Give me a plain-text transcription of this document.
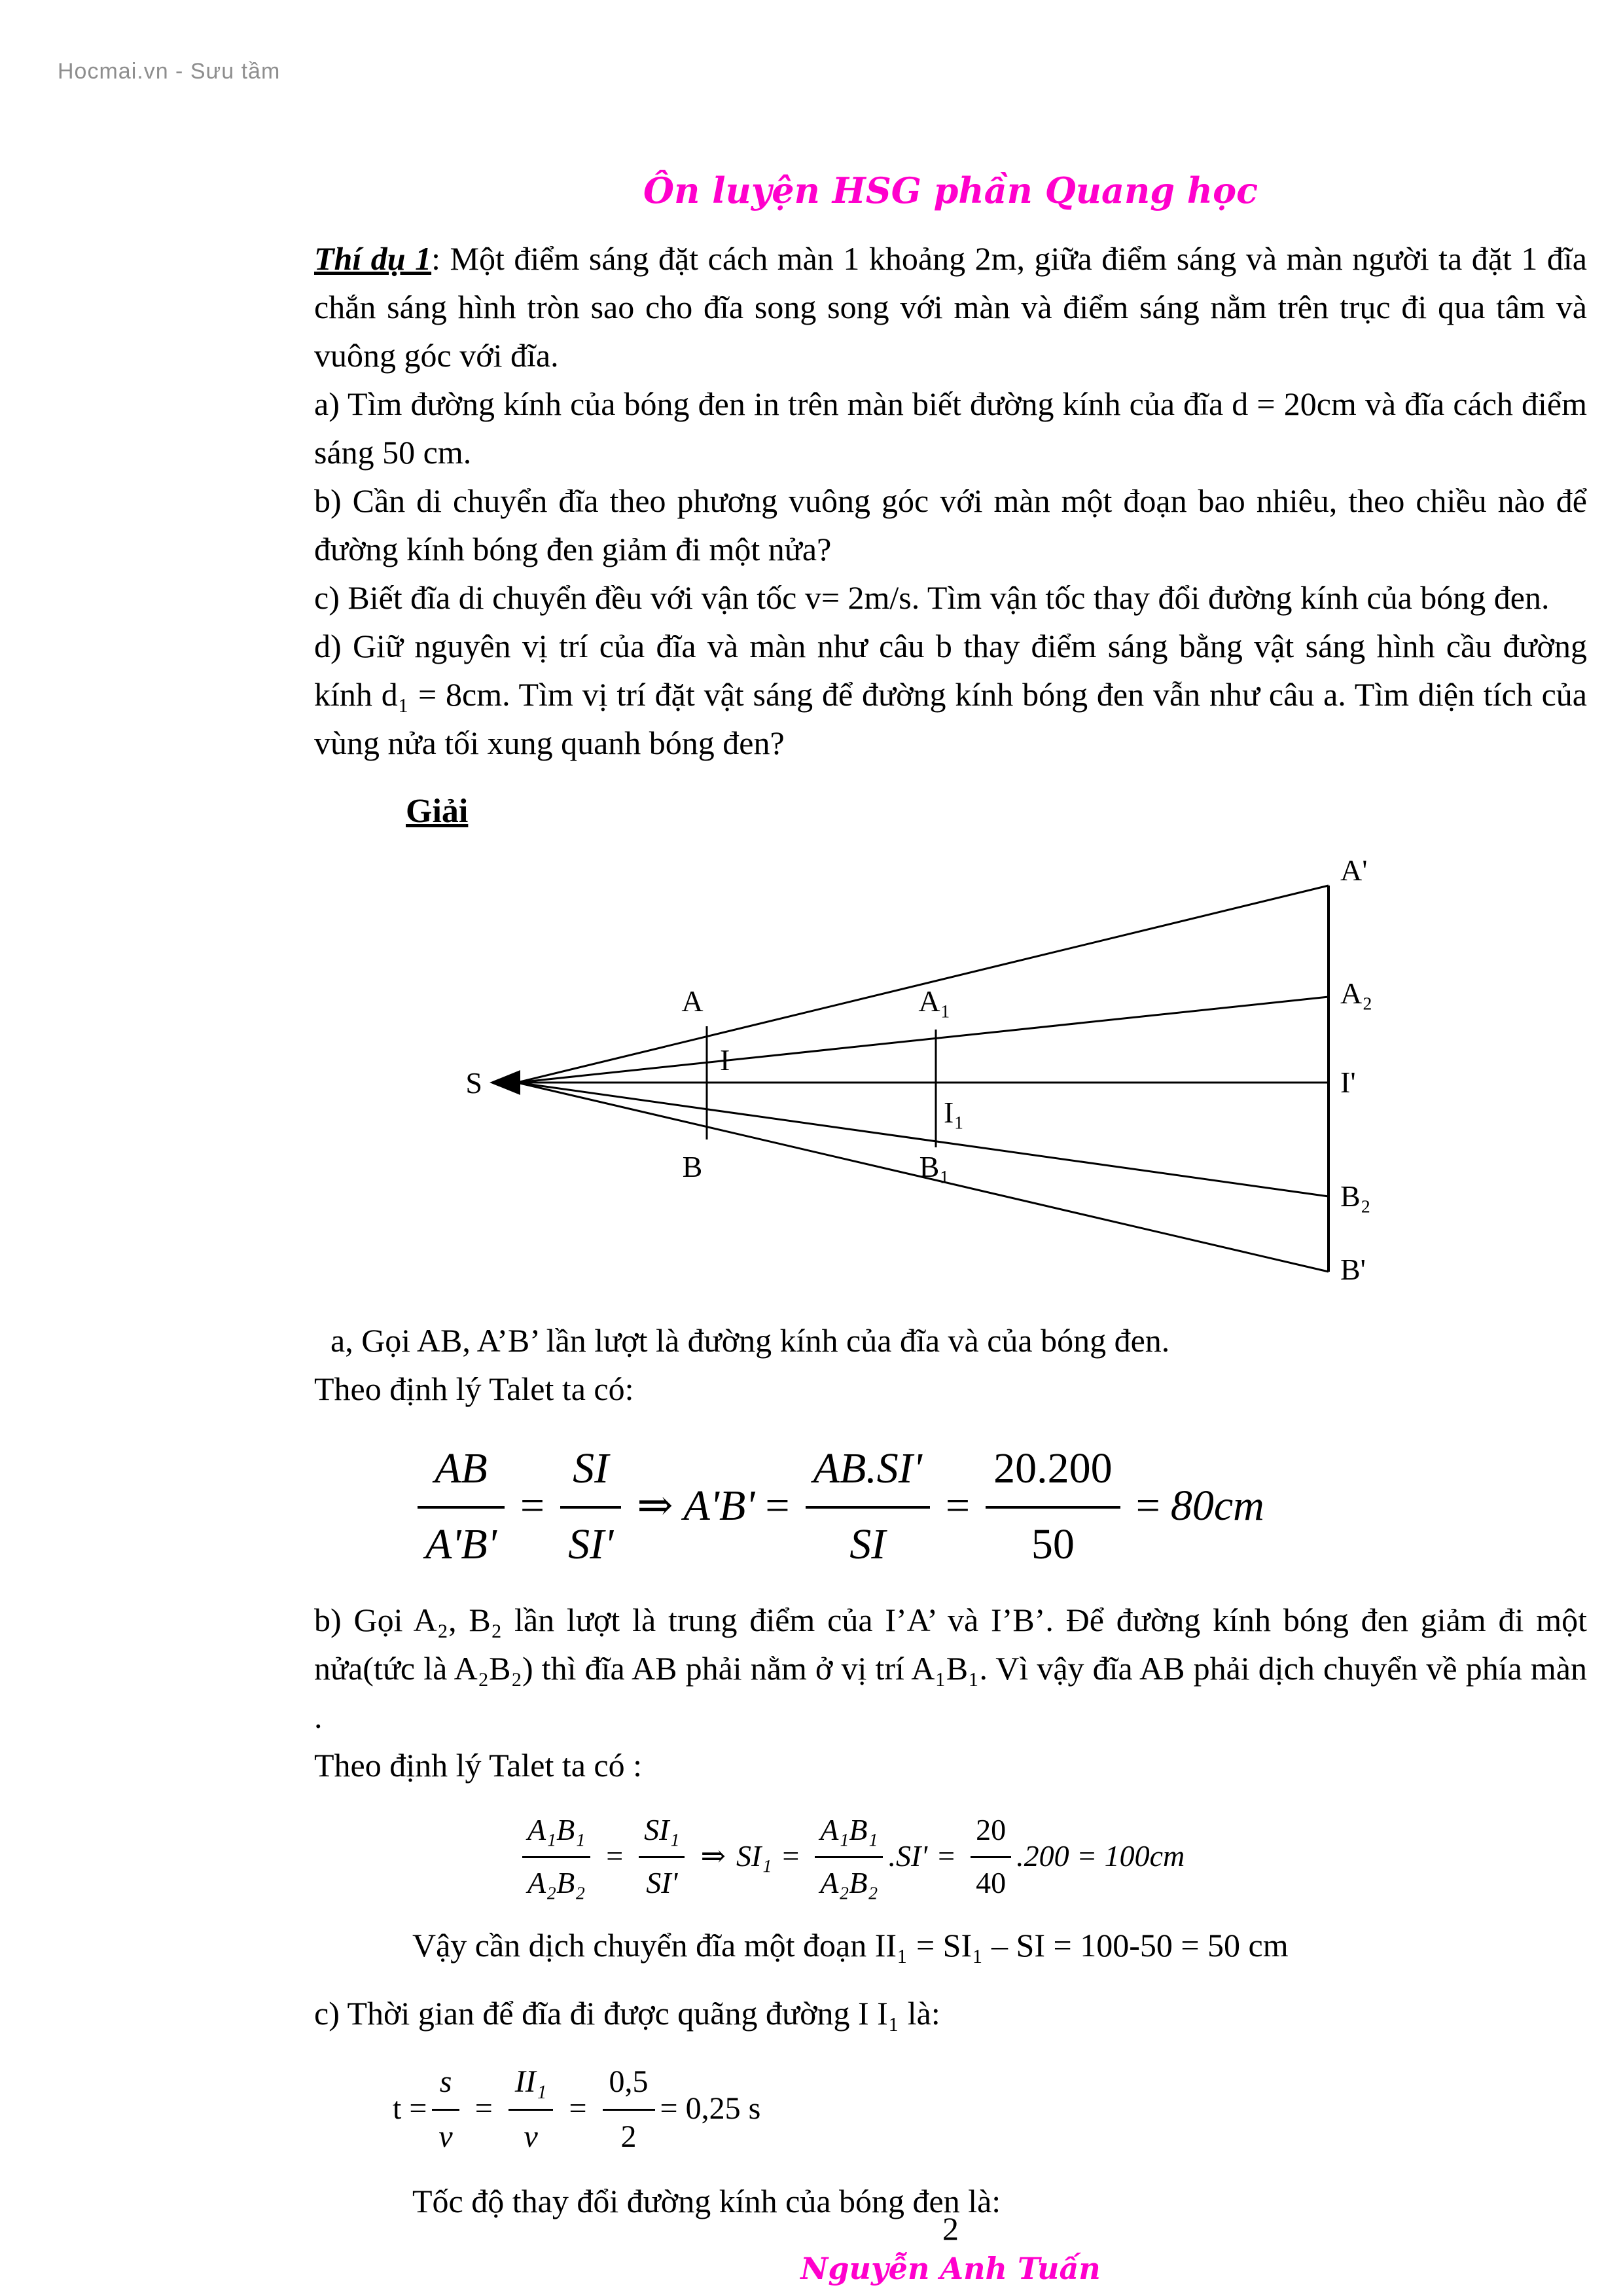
Hocmai.vn - Sưu tầm
Ôn luyện HSG phần Quang học

Thí dụ 1: Một điểm sáng đặt cách màn 1 khoảng 2m, giữa điểm sáng và màn người ta đặt 1 đĩa chắn sáng hình tròn sao cho đĩa song song với màn và điểm sáng nằm trên trục đi qua tâm và vuông góc với đĩa.

a) Tìm đường kính của bóng đen in trên màn biết đường kính của đĩa d = 20cm và đĩa cách điểm sáng 50 cm.

b) Cần di chuyển đĩa theo phương vuông góc với màn một đoạn bao nhiêu, theo chiều nào để đường kính bóng đen giảm đi một nửa?

c) Biết đĩa di chuyển đều với vận tốc v= 2m/s. Tìm vận tốc thay đổi đường kính của bóng đen.

d) Giữ nguyên vị trí của đĩa và màn như câu b thay điểm sáng bằng vật sáng hình cầu đường kính d₁ = 8cm. Tìm vị trí đặt vật sáng để đường kính bóng đen vẫn như câu a. Tìm diện tích của vùng nửa tối xung quanh bóng đen?

Giải
S
A
I
B
A₁
I₁
B₁
A'
A₂
I'
B₂
B'

a, Gọi AB, A’B’ lần lượt là đường kính của đĩa và của bóng đen.

Theo định lý Talet ta có:

$\frac{AB}{A'B'} = \frac{SI}{SI'}$ ⇒ $A'B' = \frac{AB.SI'}{SI} = \frac{20.200}{50} = 80cm$

b) Gọi A₂, B₂ lần lượt là trung điểm của I’A’ và I’B’. Để đường kính bóng đen giảm đi một nửa(tức là A₂B₂) thì đĩa AB phải nằm ở vị trí A₁B₁. Vì vậy đĩa AB phải dịch chuyển về phía màn .

Theo định lý Talet ta có :

$\frac{\text{A₁B₁}}{\text{A₂B₂}} = \frac{\text{SI₁}}{SI'}$ ⇒ $SI_1 = \frac{\text{A₁B₁}}{\text{A₂B₂}} .SI' = \frac{20}{40} .200 = 100cm$

Vậy cần dịch chuyển đĩa một đoạn II₁ = SI₁ – SI = 100-50 = 50 cm

c) Thời gian để đĩa đi được quãng đường I I₁ là:

$t = \frac{s}{v} = \frac{\text{II₁}}{v} = \frac{0,5}{2} = 0,25$ s

Tốc độ thay đổi đường kính của bóng đen là:

2
Nguyễn Anh Tuấn
